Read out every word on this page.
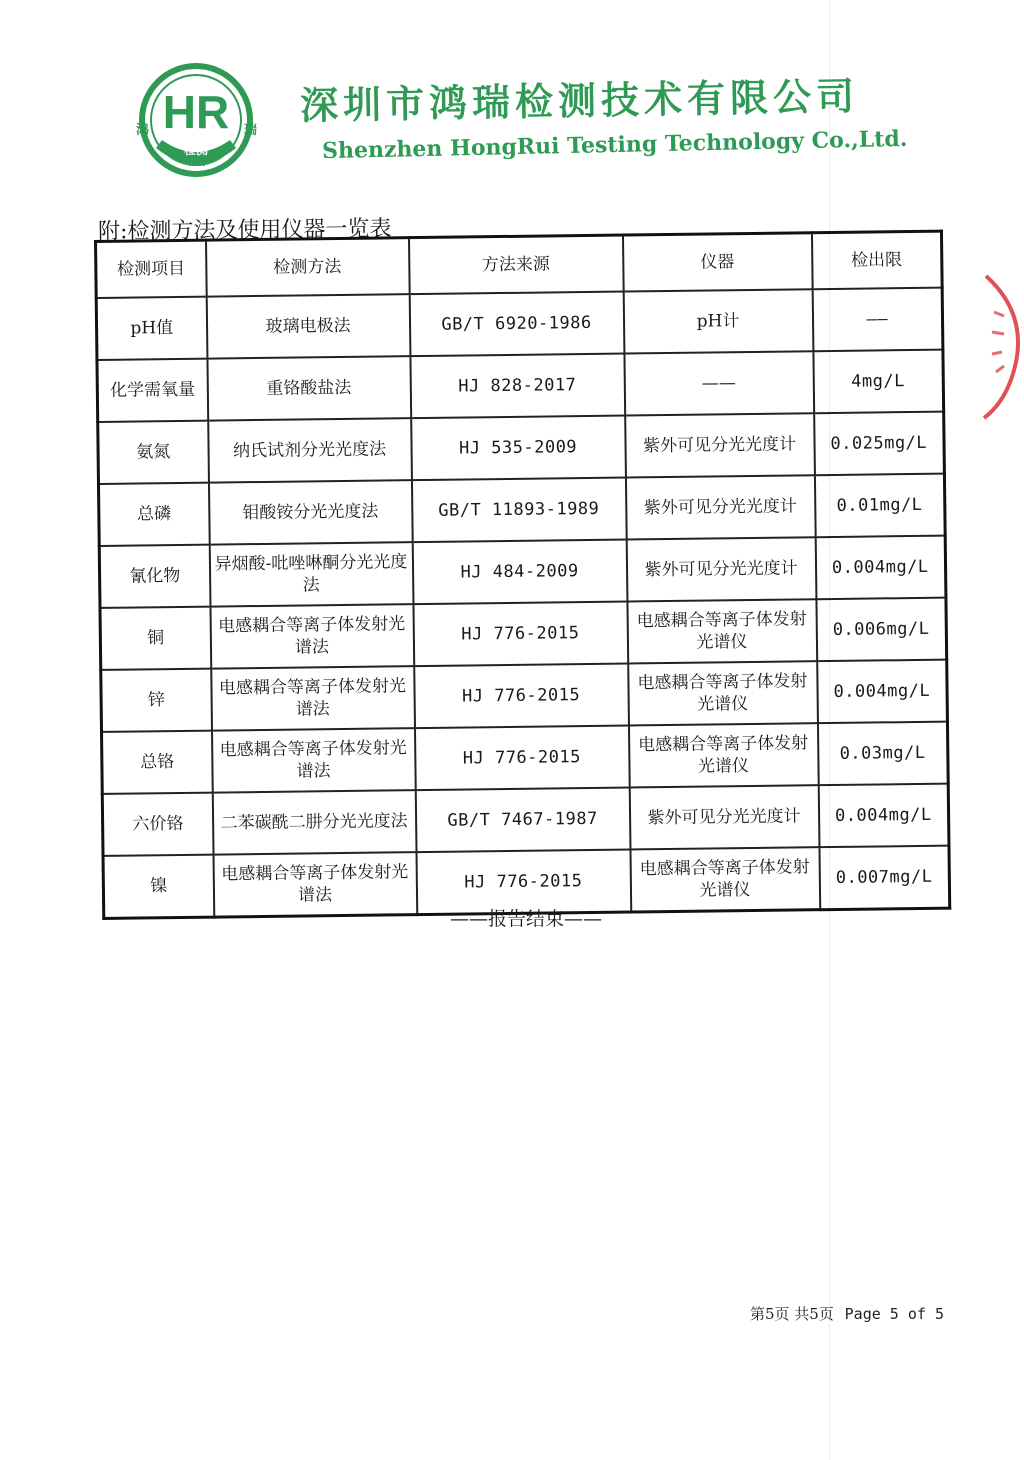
HR
鸿	瑞
检测
Test
深圳市鸿瑞检测技术有限公司
Shenzhen HongRui Testing Technology Co.,Ltd.
附:检测方法及使用仪器一览表
检测项目	检测方法	方法来源	仪器	检出限
pH值	玻璃电极法	GB/T 6920-1986	pH计	——
化学需氧量	重铬酸盐法	HJ 828-2017	——	4mg/L
氨氮	纳氏试剂分光光度法	HJ 535-2009	紫外可见分光光度计	0.025mg/L
总磷	钼酸铵分光光度法	GB/T 11893-1989	紫外可见分光光度计	0.01mg/L
氰化物	异烟酸-吡唑啉酮分光光度法	HJ 484-2009	紫外可见分光光度计	0.004mg/L
铜	电感耦合等离子体发射光谱法	HJ 776-2015	电感耦合等离子体发射光谱仪	0.006mg/L
锌	电感耦合等离子体发射光谱法	HJ 776-2015	电感耦合等离子体发射光谱仪	0.004mg/L
总铬	电感耦合等离子体发射光谱法	HJ 776-2015	电感耦合等离子体发射光谱仪	0.03mg/L
六价铬	二苯碳酰二肼分光光度法	GB/T 7467-1987	紫外可见分光光度计	0.004mg/L
镍	电感耦合等离子体发射光谱法	HJ 776-2015	电感耦合等离子体发射光谱仪	0.007mg/L
——报告结束——
第5页 共5页 Page 5 of 5
